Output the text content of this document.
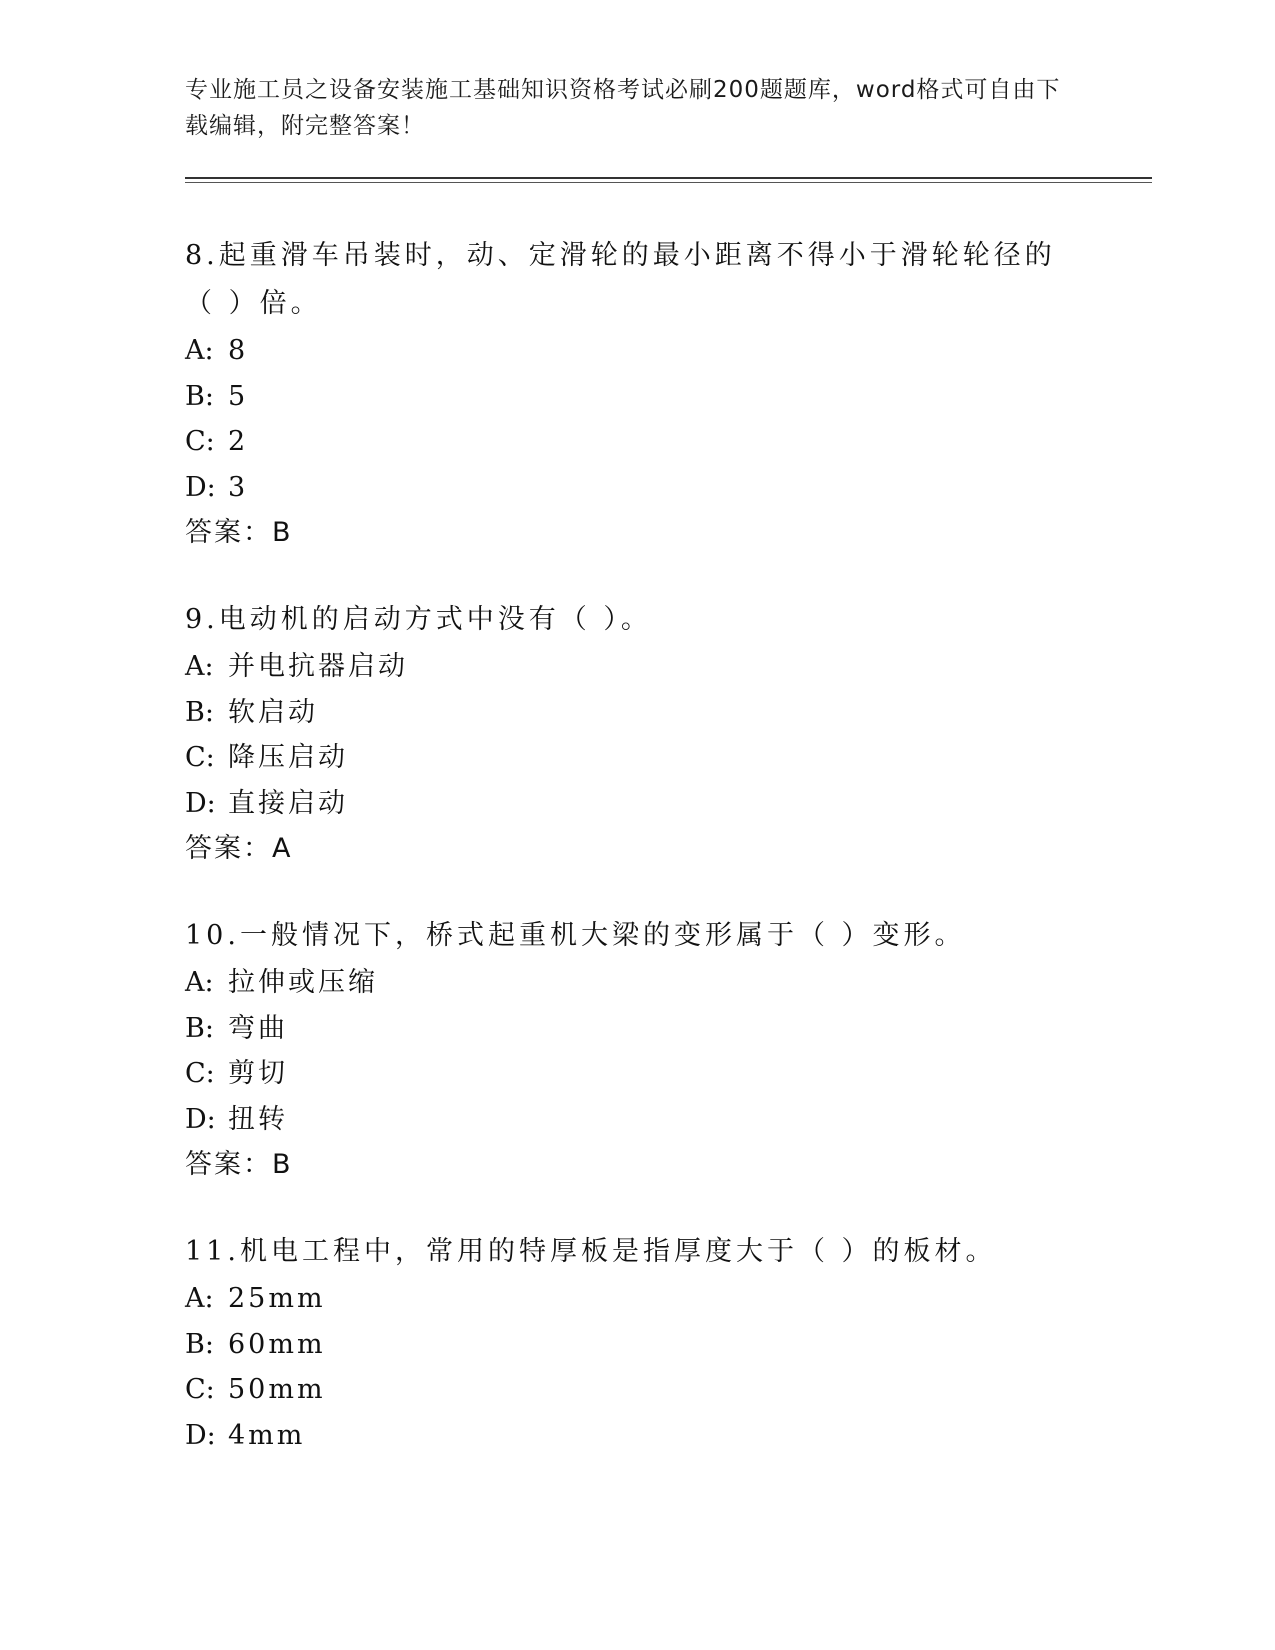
专业施工员之设备安装施工基础知识资格考试必刷200题题库，word格式可自由下载编辑，附完整答案！

8.起重滑车吊装时，动、定滑轮的最小距离不得小于滑轮轮径的（ ）倍。

A: 8

B: 5

C: 2

D: 3

答案：B

9.电动机的启动方式中没有（ ）。

A: 并电抗器启动

B: 软启动

C: 降压启动

D: 直接启动

答案：A

10.一般情况下，桥式起重机大梁的变形属于（ ）变形。

A: 拉伸或压缩

B: 弯曲

C: 剪切

D: 扭转

答案：B

11.机电工程中，常用的特厚板是指厚度大于（ ）的板材。

A: 25mm

B: 60mm

C: 50mm

D: 4mm
